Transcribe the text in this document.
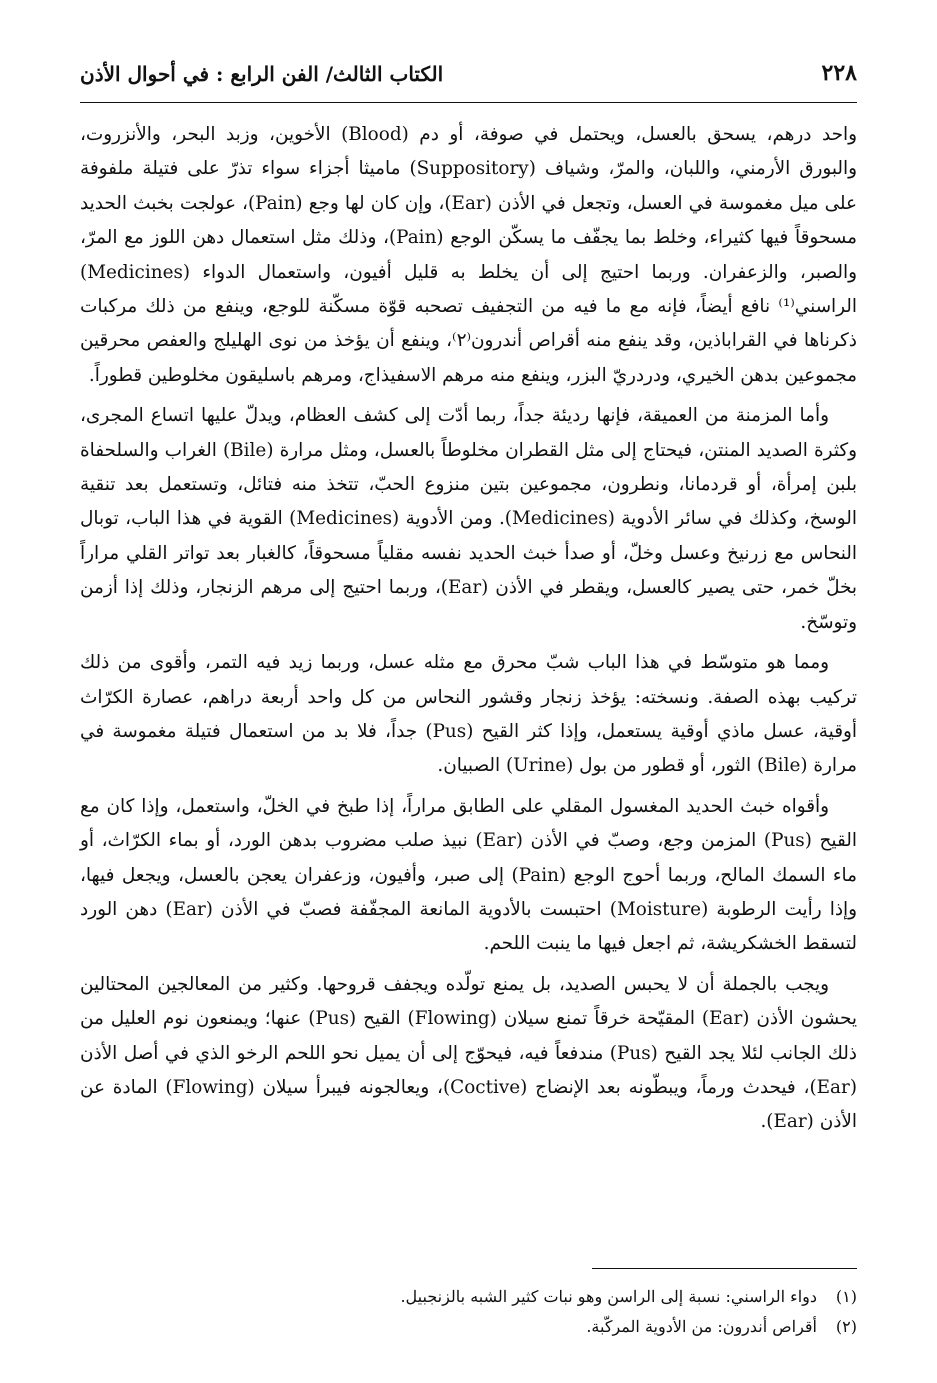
٢٢٨
الكتاب الثالث/ الفن الرابع : في أحوال الأذن

واحد درهم، يسحق بالعسل، ويحتمل في صوفة، أو دم (Blood) الأخوين، وزبد البحر، والأنزروت، والبورق الأرمني، واللبان، والمرّ، وشياف (Suppository) ماميثا أجزاء سواء تذرّ على فتيلة ملفوفة على ميل مغموسة في العسل، وتجعل في الأذن (Ear)، وإن كان لها وجع (Pain)، عولجت بخبث الحديد مسحوقاً فيها كثيراء، وخلط بما يجفّف ما يسكّن الوجع (Pain)، وذلك مثل استعمال دهن اللوز مع المرّ، والصبر، والزعفران. وربما احتيج إلى أن يخلط به قليل أفيون، واستعمال الدواء (Medicines) الراسني⁽¹⁾ نافع أيضاً، فإنه مع ما فيه من التجفيف تصحبه قوّة مسكّنة للوجع، وينفع من ذلك مركبات ذكرناها في القراباذين، وقد ينفع منه أقراص أندرون⁽٢⁾، وينفع أن يؤخذ من نوى الهليلج والعفص محرقين مجموعين بدهن الخيري، ودردريّ البزر، وينفع منه مرهم الاسفيذاج، ومرهم باسليقون مخلوطين قطوراً.

وأما المزمنة من العميقة، فإنها رديئة جداً، ربما أدّت إلى كشف العظام، ويدلّ عليها اتساع المجرى، وكثرة الصديد المنتن، فيحتاج إلى مثل القطران مخلوطاً بالعسل، ومثل مرارة (Bile) الغراب والسلحفاة بلبن إمرأة، أو قردمانا، ونطرون، مجموعين بتين منزوع الحبّ، تتخذ منه فتائل، وتستعمل بعد تنقية الوسخ، وكذلك في سائر الأدوية (Medicines). ومن الأدوية (Medicines) القوية في هذا الباب، توبال النحاس مع زرنيخ وعسل وخلّ، أو صدأ خبث الحديد نفسه مقلياً مسحوقاً، كالغبار بعد تواتر القلي مراراً بخلّ خمر، حتى يصير كالعسل، ويقطر في الأذن (Ear)، وربما احتيج إلى مرهم الزنجار، وذلك إذا أزمن وتوسّخ.

ومما هو متوسّط في هذا الباب شبّ محرق مع مثله عسل، وربما زيد فيه التمر، وأقوى من ذلك تركيب بهذه الصفة. ونسخته: يؤخذ زنجار وقشور النحاس من كل واحد أربعة دراهم، عصارة الكرّاث أوقية، عسل ماذي أوقية يستعمل، وإذا كثر القيح (Pus) جداً، فلا بد من استعمال فتيلة مغموسة في مرارة (Bile) الثور، أو قطور من بول (Urine) الصبيان.

وأقواه خبث الحديد المغسول المقلي على الطابق مراراً، إذا طبخ في الخلّ، واستعمل، وإذا كان مع القيح (Pus) المزمن وجع، وصبّ في الأذن (Ear) نبيذ صلب مضروب بدهن الورد، أو بماء الكرّاث، أو ماء السمك المالح، وربما أحوج الوجع (Pain) إلى صبر، وأفيون، وزعفران يعجن بالعسل، ويجعل فيها، وإذا رأيت الرطوبة (Moisture) احتبست بالأدوية المانعة المجفّفة فصبّ في الأذن (Ear) دهن الورد لتسقط الخشكريشة، ثم اجعل فيها ما ينبت اللحم.

ويجب بالجملة أن لا يحبس الصديد، بل يمنع تولّده ويجفف قروحها. وكثير من المعالجين المحتالين يحشون الأذن (Ear) المقيّحة خرقاً تمنع سيلان (Flowing) القيح (Pus) عنها؛ ويمنعون نوم العليل من ذلك الجانب لئلا يجد القيح (Pus) مندفعاً فيه، فيحوّج إلى أن يميل نحو اللحم الرخو الذي في أصل الأذن (Ear)، فيحدث ورماً، ويبطّونه بعد الإنضاج (Coctive)، ويعالجونه فيبرأ سيلان (Flowing) المادة عن الأذن (Ear).

(١)دواء الراسني: نسبة إلى الراسن وهو نبات كثير الشبه بالزنجبيل.
(٢)أقراص أندرون: من الأدوية المركّبة.
